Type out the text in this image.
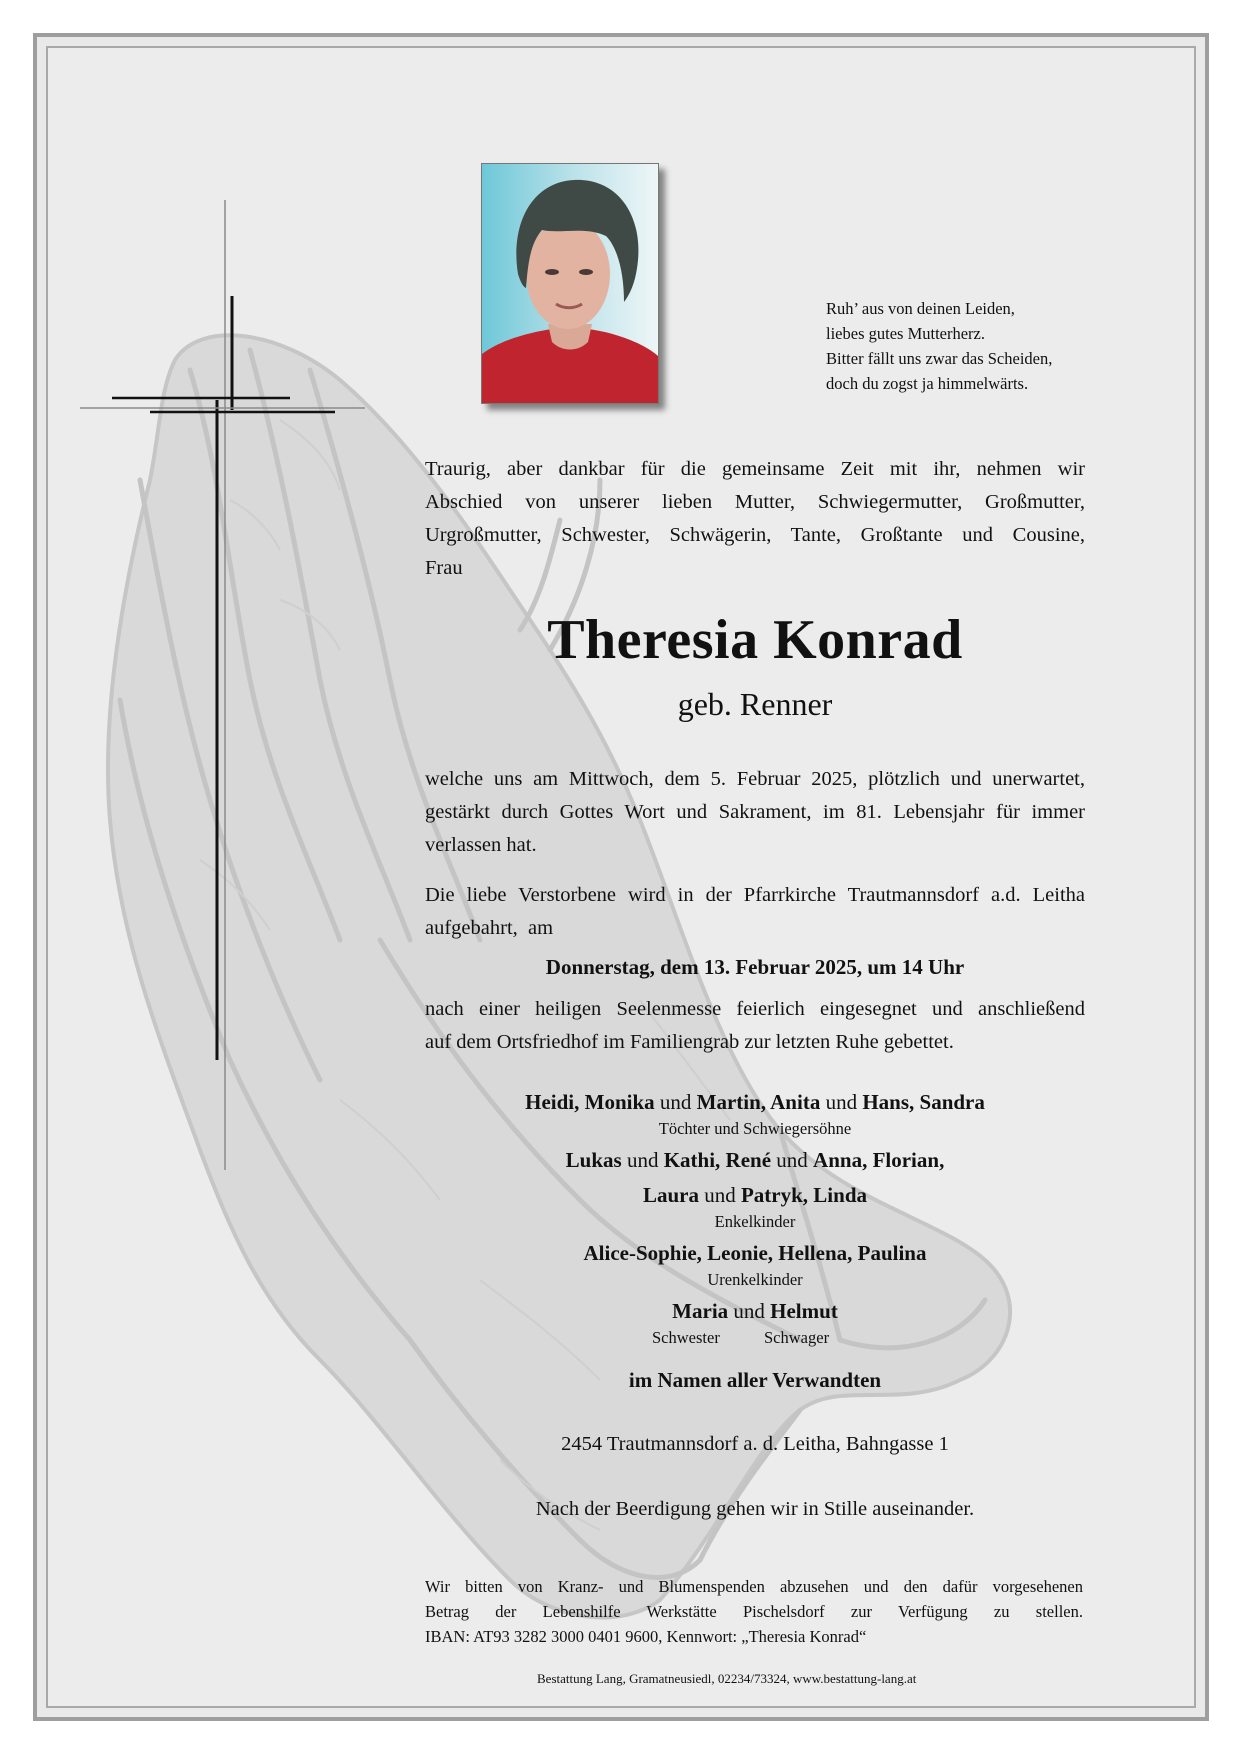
Ruh’ aus von deinen Leiden,
liebes gutes Mutterherz.
Bitter fällt uns zwar das Scheiden,
doch du zogst ja himmelwärts.
Traurig, aber dankbar für die gemeinsame Zeit mit ihr, nehmen wir
Abschied von unserer lieben Mutter, Schwiegermutter, Großmutter,
Urgroßmutter, Schwester, Schwägerin, Tante, Großtante und Cousine,
Frau
Theresia Konrad
geb. Renner
welche uns am Mittwoch, dem 5. Februar 2025, plötzlich und unerwartet,
gestärkt durch Gottes Wort und Sakrament, im 81. Lebensjahr für immer
verlassen hat.
Die liebe Verstorbene wird in der Pfarrkirche Trautmannsdorf a.d. Leitha
aufgebahrt,  am
Donnerstag, dem 13. Februar 2025, um 14 Uhr
nach einer heiligen Seelenmesse feierlich eingesegnet und anschließend
auf dem Ortsfriedhof im Familiengrab zur letzten Ruhe gebettet.
Heidi, Monika und Martin, Anita und Hans, Sandra
Töchter und Schwiegersöhne
Lukas und Kathi, René und Anna, Florian,
Laura und Patryk, Linda
Enkelkinder
Alice-Sophie, Leonie, Hellena, Paulina
Urenkelkinder
Maria und Helmut
Schwester	Schwager
im Namen aller Verwandten
2454 Trautmannsdorf a. d. Leitha, Bahngasse 1
Nach der Beerdigung gehen wir in Stille auseinander.
Wir bitten von Kranz- und Blumenspenden abzusehen und den dafür vorgesehenen
Betrag der Lebenshilfe Werkstätte Pischelsdorf zur Verfügung zu stellen.
IBAN: AT93 3282 3000 0401 9600, Kennwort: „Theresia Konrad“
Bestattung Lang, Gramatneusiedl, 02234/73324, www.bestattung-lang.at
